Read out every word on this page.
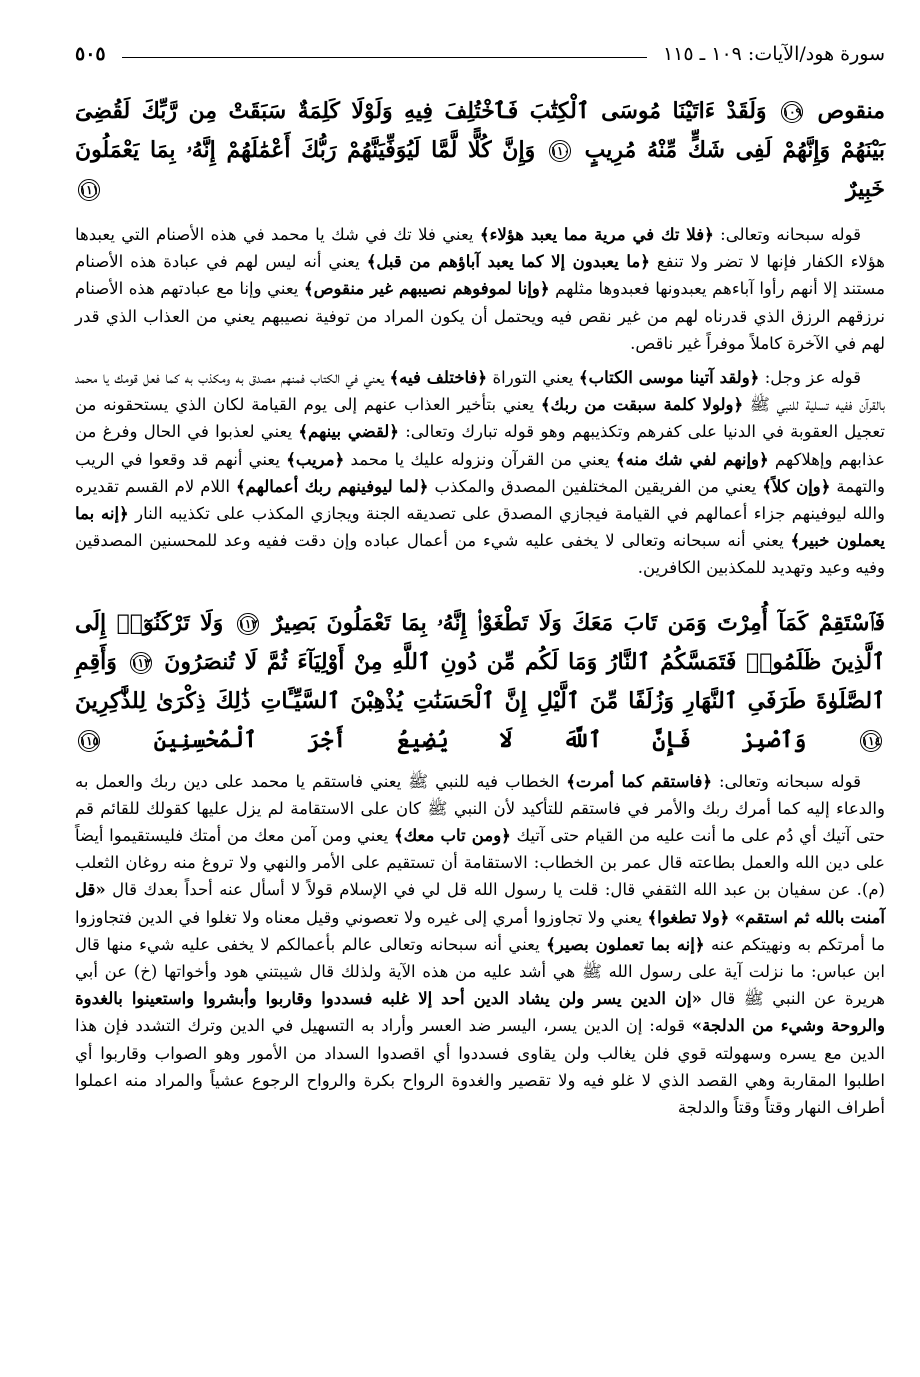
سورة هود/الآيات: ١٠٩ ـ ١١٥
٥٠٥

منقوص ١٠٩ وَلَقَدْ ءَاتَيْنَا مُوسَى ٱلْكِتَٰبَ فَٱخْتُلِفَ فِيهِ وَلَوْلَا كَلِمَةٌ سَبَقَتْ مِن رَّبِّكَ لَقُضِىَ بَيْنَهُمْ وَإِنَّهُمْ لَفِى شَكٍّ مِّنْهُ مُرِيبٍ ١١٠ وَإِنَّ كُلًّا لَّمَّا لَيُوَفِّيَنَّهُمْ رَبُّكَ أَعْمَٰلَهُمْ إِنَّهُۥ بِمَا يَعْمَلُونَ خَبِيرٌ ١١١

قوله سبحانه وتعالى: ﴿فلا تك في مرية مما يعبد هؤلاء﴾ يعني فلا تك في شك يا محمد في هذه الأصنام التي يعبدها هؤلاء الكفار فإنها لا تضر ولا تنفع ﴿ما يعبدون إلا كما يعبد آباؤهم من قبل﴾ يعني أنه ليس لهم في عبادة هذه الأصنام مستند إلا أنهم رأوا آباءهم يعبدونها فعبدوها مثلهم ﴿وإنا لموفوهم نصيبهم غير منقوص﴾ يعني وإنا مع عبادتهم هذه الأصنام نرزقهم الرزق الذي قدرناه لهم من غير نقص فيه ويحتمل أن يكون المراد من توفية نصيبهم يعني من العذاب الذي قدر لهم في الآخرة كاملاً موفراً غير ناقص.

قوله عز وجل: ﴿ولقد آتينا موسى الكتاب﴾ يعني التوراة ﴿فاختلف فيه﴾ يعني في الكتاب فمنهم مصدق به ومكذب به كما فعل قومك يا محمد بالقرآن ففيه تسلية للنبي ﷺ ﴿ولولا كلمة سبقت من ربك﴾ يعني بتأخير العذاب عنهم إلى يوم القيامة لكان الذي يستحقونه من تعجيل العقوبة في الدنيا على كفرهم وتكذيبهم وهو قوله تبارك وتعالى: ﴿لقضي بينهم﴾ يعني لعذبوا في الحال وفرغ من عذابهم وإهلاكهم ﴿وإنهم لفي شك منه﴾ يعني من القرآن ونزوله عليك يا محمد ﴿مريب﴾ يعني أنهم قد وقعوا في الريب والتهمة ﴿وإن كلاً﴾ يعني من الفريقين المختلفين المصدق والمكذب ﴿لما ليوفينهم ربك أعمالهم﴾ اللام لام القسم تقديره والله ليوفينهم جزاء أعمالهم في القيامة فيجازي المصدق على تصديقه الجنة ويجازي المكذب على تكذيبه النار ﴿إنه بما يعملون خبير﴾ يعني أنه سبحانه وتعالى لا يخفى عليه شيء من أعمال عباده وإن دقت ففيه وعد للمحسنين المصدقين وفيه وعيد وتهديد للمكذبين الكافرين.

فَٱسْتَقِمْ كَمَآ أُمِرْتَ وَمَن تَابَ مَعَكَ وَلَا تَطْغَوْا۟ إِنَّهُۥ بِمَا تَعْمَلُونَ بَصِيرٌ ١١٢ وَلَا تَرْكَنُوٓا۟ إِلَى ٱلَّذِينَ ظَلَمُوا۟ فَتَمَسَّكُمُ ٱلنَّارُ وَمَا لَكُم مِّن دُونِ ٱللَّهِ مِنْ أَوْلِيَآءَ ثُمَّ لَا تُنصَرُونَ ١١٣ وَأَقِمِ ٱلصَّلَوٰةَ طَرَفَىِ ٱلنَّهَارِ وَزُلَفًا مِّنَ ٱلَّيْلِ إِنَّ ٱلْحَسَنَٰتِ يُذْهِبْنَ ٱلسَّيِّـَٔاتِ ذَٰلِكَ ذِكْرَىٰ لِلذَّٰكِرِينَ ١١٤ وَٱصْبِرْ فَإِنَّ ٱللَّهَ لَا يُضِيعُ أَجْرَ ٱلْمُحْسِنِينَ ١١٥

قوله سبحانه وتعالى: ﴿فاستقم كما أمرت﴾ الخطاب فيه للنبي ﷺ يعني فاستقم يا محمد على دين ربك والعمل به والدعاء إليه كما أمرك ربك والأمر في فاستقم للتأكيد لأن النبي ﷺ كان على الاستقامة لم يزل عليها كقولك للقائم قم حتى آتيك أي دُم على ما أنت عليه من القيام حتى آتيك ﴿ومن تاب معك﴾ يعني ومن آمن معك من أمتك فليستقيموا أيضاً على دين الله والعمل بطاعته قال عمر بن الخطاب: الاستقامة أن تستقيم على الأمر والنهي ولا تروغ منه روغان الثعلب (م). عن سفيان بن عبد الله الثقفي قال: قلت يا رسول الله قل لي في الإسلام قولاً لا أسأل عنه أحداً بعدك قال «قل آمنت بالله ثم استقم» ﴿ولا تطغوا﴾ يعني ولا تجاوزوا أمري إلى غيره ولا تعصوني وقيل معناه ولا تغلوا في الدين فتجاوزوا ما أمرتكم به ونهيتكم عنه ﴿إنه بما تعملون بصير﴾ يعني أنه سبحانه وتعالى عالم بأعمالكم لا يخفى عليه شيء منها قال ابن عباس: ما نزلت آية على رسول الله ﷺ هي أشد عليه من هذه الآية ولذلك قال شيبتني هود وأخواتها (خ) عن أبي هريرة عن النبي ﷺ قال «إن الدين يسر ولن يشاد الدين أحد إلا غلبه فسددوا وقاربوا وأبشروا واستعينوا بالغدوة والروحة وشيء من الدلجة» قوله: إن الدين يسر، اليسر ضد العسر وأراد به التسهيل في الدين وترك التشدد فإن هذا الدين مع يسره وسهولته قوي فلن يغالب ولن يقاوى فسددوا أي اقصدوا السداد من الأمور وهو الصواب وقاربوا أي اطلبوا المقاربة وهي القصد الذي لا غلو فيه ولا تقصير والغدوة الرواح بكرة والرواح الرجوع عشياً والمراد منه اعملوا أطراف النهار وقتاً وقتاً والدلجة
